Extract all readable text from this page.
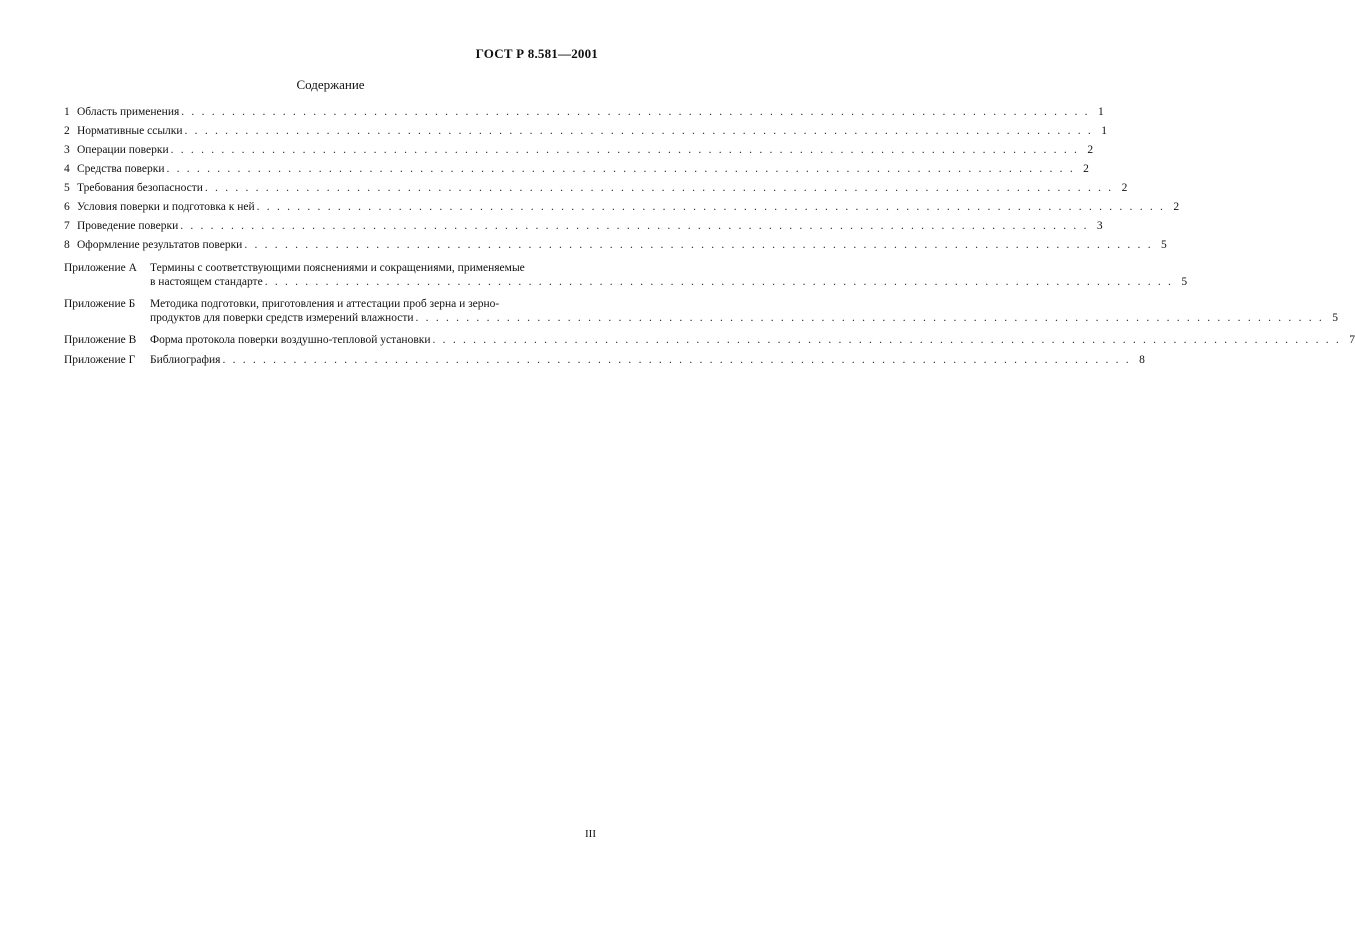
ГОСТ Р 8.581—2001
Содержание
1 Область применения . . .	1
2 Нормативные ссылки . . .	1
3 Операции поверки . . .	2
4 Средства поверки . . .	2
5 Требования безопасности . . .	2
6 Условия поверки и подготовка к ней . . .	2
7 Проведение поверки . . .	3
8 Оформление результатов поверки . . .	5
Приложение А	Термины с соответствующими пояснениями и сокращениями, применяемые
в настоящем стандарте . . .	5
Приложение Б	Методика подготовки, приготовления и аттестации проб зерна и зерно-
продуктов для поверки средств измерений влажности . . .	5
Приложение В	Форма протокола поверки воздушно-тепловой установки . . .	7
Приложение Г	Библиография . . .	8
III
